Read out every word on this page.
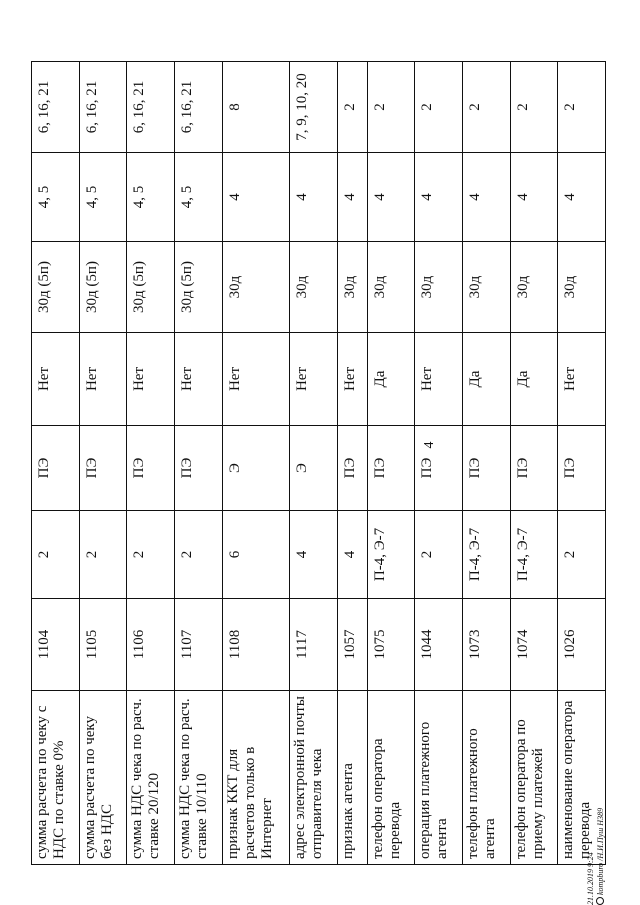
4
сумма расчета по чеку с НДС по ставке 0%	1104	2	ПЭ	Нет	30д (5п)	4, 5	6, 16, 21
сумма расчета по чеку без НДС	1105	2	ПЭ	Нет	30д (5п)	4, 5	6, 16, 21
сумма НДС чека по расч. ставке 20/120	1106	2	ПЭ	Нет	30д (5п)	4, 5	6, 16, 21
сумма НДС чека по расч. ставке 10/110	1107	2	ПЭ	Нет	30д (5п)	4, 5	6, 16, 21
признак ККТ для расчетов только в Интернет	1108	6	Э	Нет	30д	4	8
адрес электронной почты отправителя чека	1117	4	Э	Нет	30д	4	7, 9, 10, 20
признак агента	1057	4	ПЭ	Нет	30д	4	2
телефон оператора перевода	1075	П-4, Э-7	ПЭ	Да	30д	4	2
операция платежного агента	1044	2	ПЭ	Нет	30д	4	2
телефон платежного агента	1073	П-4, Э-7	ПЭ	Да	30д	4	2
телефон оператора по приему платежей	1074	П-4, Э-7	ПЭ	Да	30д	4	2
наименование оператора перевода	1026	2	ПЭ	Нет	30д	4	2
21.10.2019 9:24 kompburo /Н.И.Пуш Н389
